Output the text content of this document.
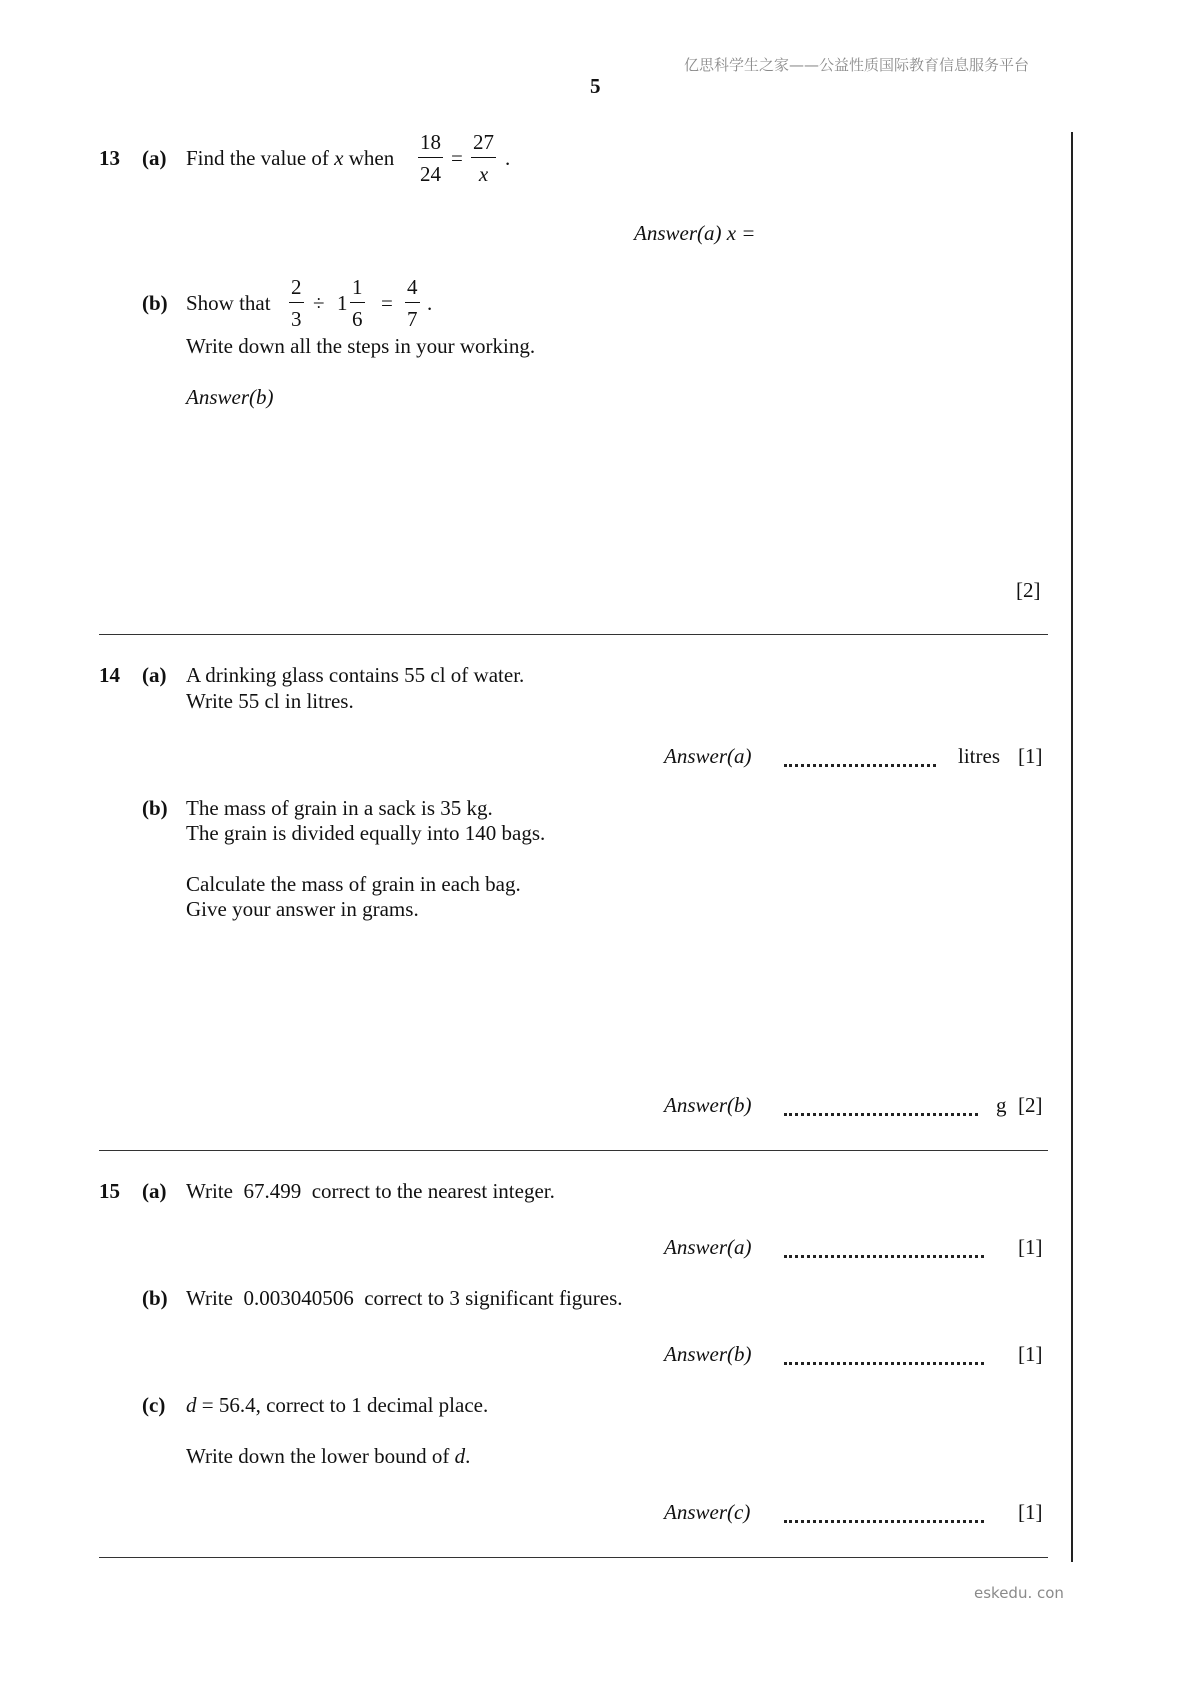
亿思科学生之家——公益性质国际教育信息服务平台
5
13 (a) Find the value of x when $\frac{18}{24} = \frac{27}{x}$ .
Answer(a) x =
(b) Show that $\frac{2}{3} \div 1 \frac{1}{6} = \frac{4}{7}$ .
Write down all the steps in your working.
Answer(b)
[2]
14 (a) A drinking glass contains 55 cl of water.
Write 55 cl in litres.
Answer(a)	litres [1]
(b) The mass of grain in a sack is 35 kg.
The grain is divided equally into 140 bags.
Calculate the mass of grain in each bag.
Give your answer in grams.
Answer(b)	g [2]
15 (a) Write  67.499  correct to the nearest integer.
Answer(a)	[1]
(b) Write  0.003040506  correct to 3 significant figures.
Answer(b)	[1]
(c) d = 56.4, correct to 1 decimal place.
Write down the lower bound of d.
Answer(c)	[1]
eskedu. con
